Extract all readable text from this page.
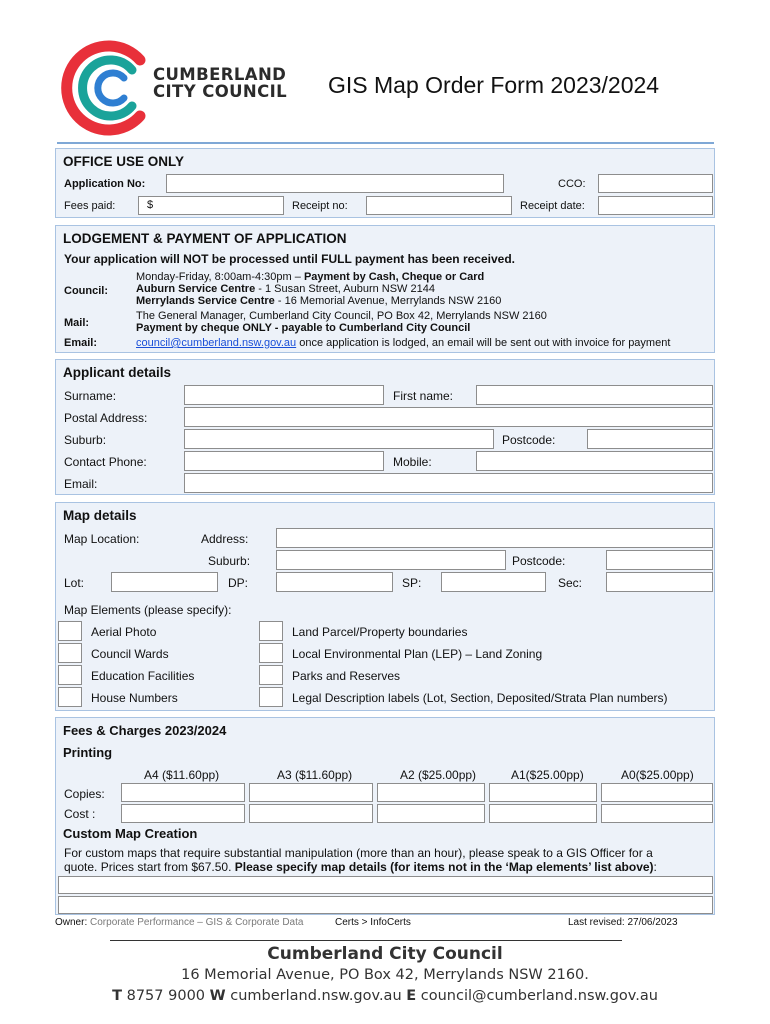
CUMBERLAND
CITY COUNCIL GIS Map Order Form 2023/2024
OFFICE USE ONLY
Application No:	CCO:
Fees paid:	$	Receipt no:	Receipt date:
LODGEMENT & PAYMENT OF APPLICATION
Your application will NOT be processed until FULL payment has been received.
Council:
Monday-Friday, 8:00am-4:30pm – Payment by Cash, Cheque or Card
Auburn Service Centre - 1 Susan Street, Auburn NSW 2144
Merrylands Service Centre - 16 Memorial Avenue, Merrylands NSW 2160
Mail:
The General Manager, Cumberland City Council, PO Box 42, Merrylands NSW 2160
Payment by cheque ONLY - payable to Cumberland City Council
Email:	council@cumberland.nsw.gov.au once application is lodged, an email will be sent out with invoice for payment
Applicant details
Surname:	First name:
Postal Address:
Suburb:	Postcode:
Contact Phone:	Mobile:
Email:
Map details
Map Location:	Address:
Suburb:	Postcode:
Lot:	DP:	SP:	Sec:
Map Elements (please specify):
Aerial Photo
Council Wards
Education Facilities
House Numbers
Land Parcel/Property boundaries
Local Environmental Plan (LEP) – Land Zoning
Parks and Reserves
Legal Description labels (Lot, Section, Deposited/Strata Plan numbers)
Fees & Charges 2023/2024
Printing
A4 ($11.60pp)	A3 ($11.60pp)	A2 ($25.00pp)	A1($25.00pp)	A0($25.00pp)
Copies:
Cost :
Custom Map Creation
For custom maps that require substantial manipulation (more than an hour), please speak to a GIS Officer for a
quote. Prices start from $67.50. Please specify map details (for items not in the ‘Map elements’ list above):
Owner: Corporate Performance – GIS & Corporate Data	Certs > InfoCerts	Last revised: 27/06/2023
Cumberland City Council
16 Memorial Avenue, PO Box 42, Merrylands NSW 2160.
T 8757 9000 W cumberland.nsw.gov.au E council@cumberland.nsw.gov.au
